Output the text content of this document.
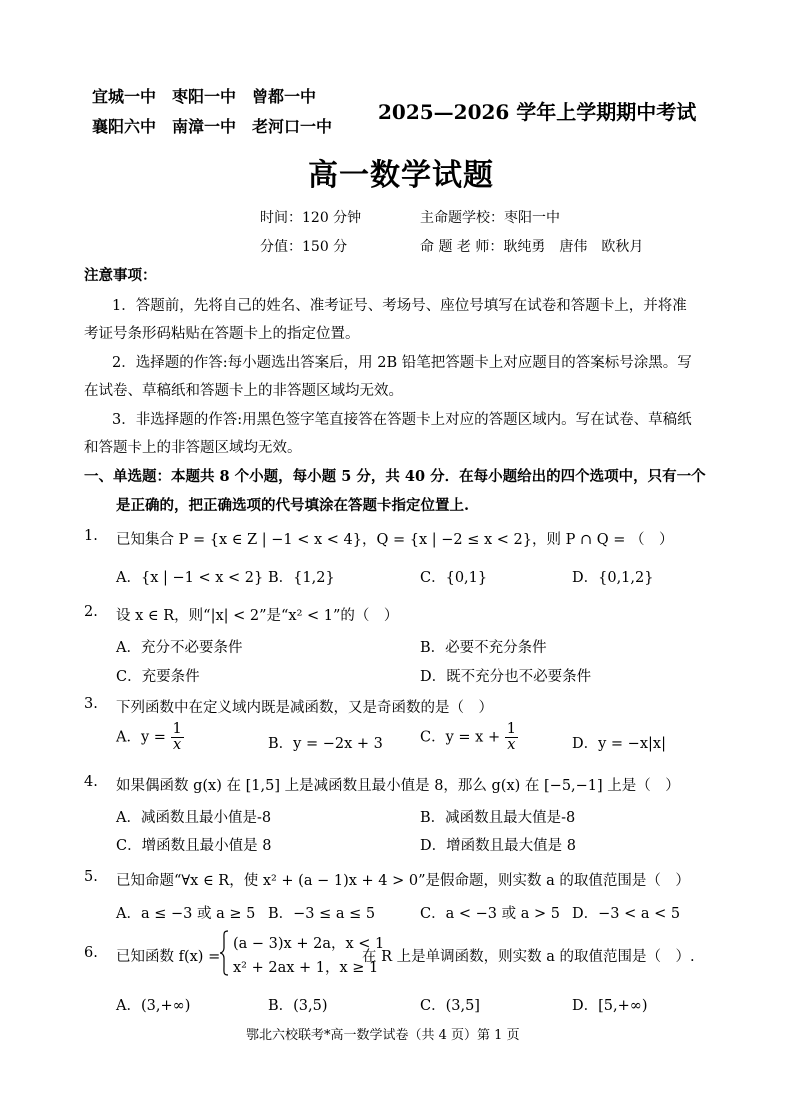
宜城一中　枣阳一中　曾都一中
襄阳六中　南漳一中　老河口一中
2025—2026 学年上学期期中考试
高一数学试题
时间：120 分钟	主命题学校：枣阳一中
分值：150 分	命 题 老 师：耿纯勇　唐伟　欧秋月
注意事项：
1．答题前，先将自己的姓名、准考证号、考场号、座位号填写在试卷和答题卡上，并将准
考证号条形码粘贴在答题卡上的指定位置。
2．选择题的作答:每小题选出答案后，用 2B 铅笔把答题卡上对应题目的答案标号涂黑。写
在试卷、草稿纸和答题卡上的非答题区域均无效。
3．非选择题的作答:用黑色签字笔直接答在答题卡上对应的答题区域内。写在试卷、草稿纸
和答题卡上的非答题区域均无效。
一、单选题：本题共 8 个小题，每小题 5 分，共 40 分．在每小题给出的四个选项中，只有一个
是正确的，把正确选项的代号填涂在答题卡指定位置上.
1. 已知集合 P = {x ∈ Z | −1 < x < 4}，Q = {x | −2 ≤ x < 2}，则 P ∩ Q = （　）
A．{x | −1 < x < 2} B．{1,2}	C．{0,1}	D．{0,1,2}
2. 设 x ∈ R，则“|x| < 2”是“x² < 1”的（　）
A．充分不必要条件	B．必要不充分条件
C．充要条件	D．既不充分也不必要条件
3. 下列函数中在定义域内既是减函数，又是奇函数的是（　）
A．$y = \frac{1}{x}$	B．y = −2x + 3	C．$y = x + \frac{1}{x}$	D．y = −x|x|
4. 如果偶函数 g(x) 在 [1,5] 上是减函数且最小值是 8，那么 g(x) 在 [−5,−1] 上是（　）
A．减函数且最小值是-8	B．减函数且最大值是-8
C．增函数且最小值是 8	D．增函数且最大值是 8
5. 已知命题“∀x ∈ R，使 x² + (a − 1)x + 4 > 0”是假命题，则实数 a 的取值范围是（　）
A．a ≤ −3 或 a ≥ 5 B．−3 ≤ a ≤ 5	C．a < −3 或 a > 5 D．−3 < a < 5
6. 已知函数 f(x) =
(a − 3)x + 2a，x < 1
x² + 2ax + 1，x ≥ 1
在 R 上是单调函数，则实数 a 的取值范围是（　）.
A．(3,+∞)	B．(3,5)	C．(3,5]	D．[5,+∞)
鄂北六校联考*高一数学试卷（共 4 页）第 1 页
